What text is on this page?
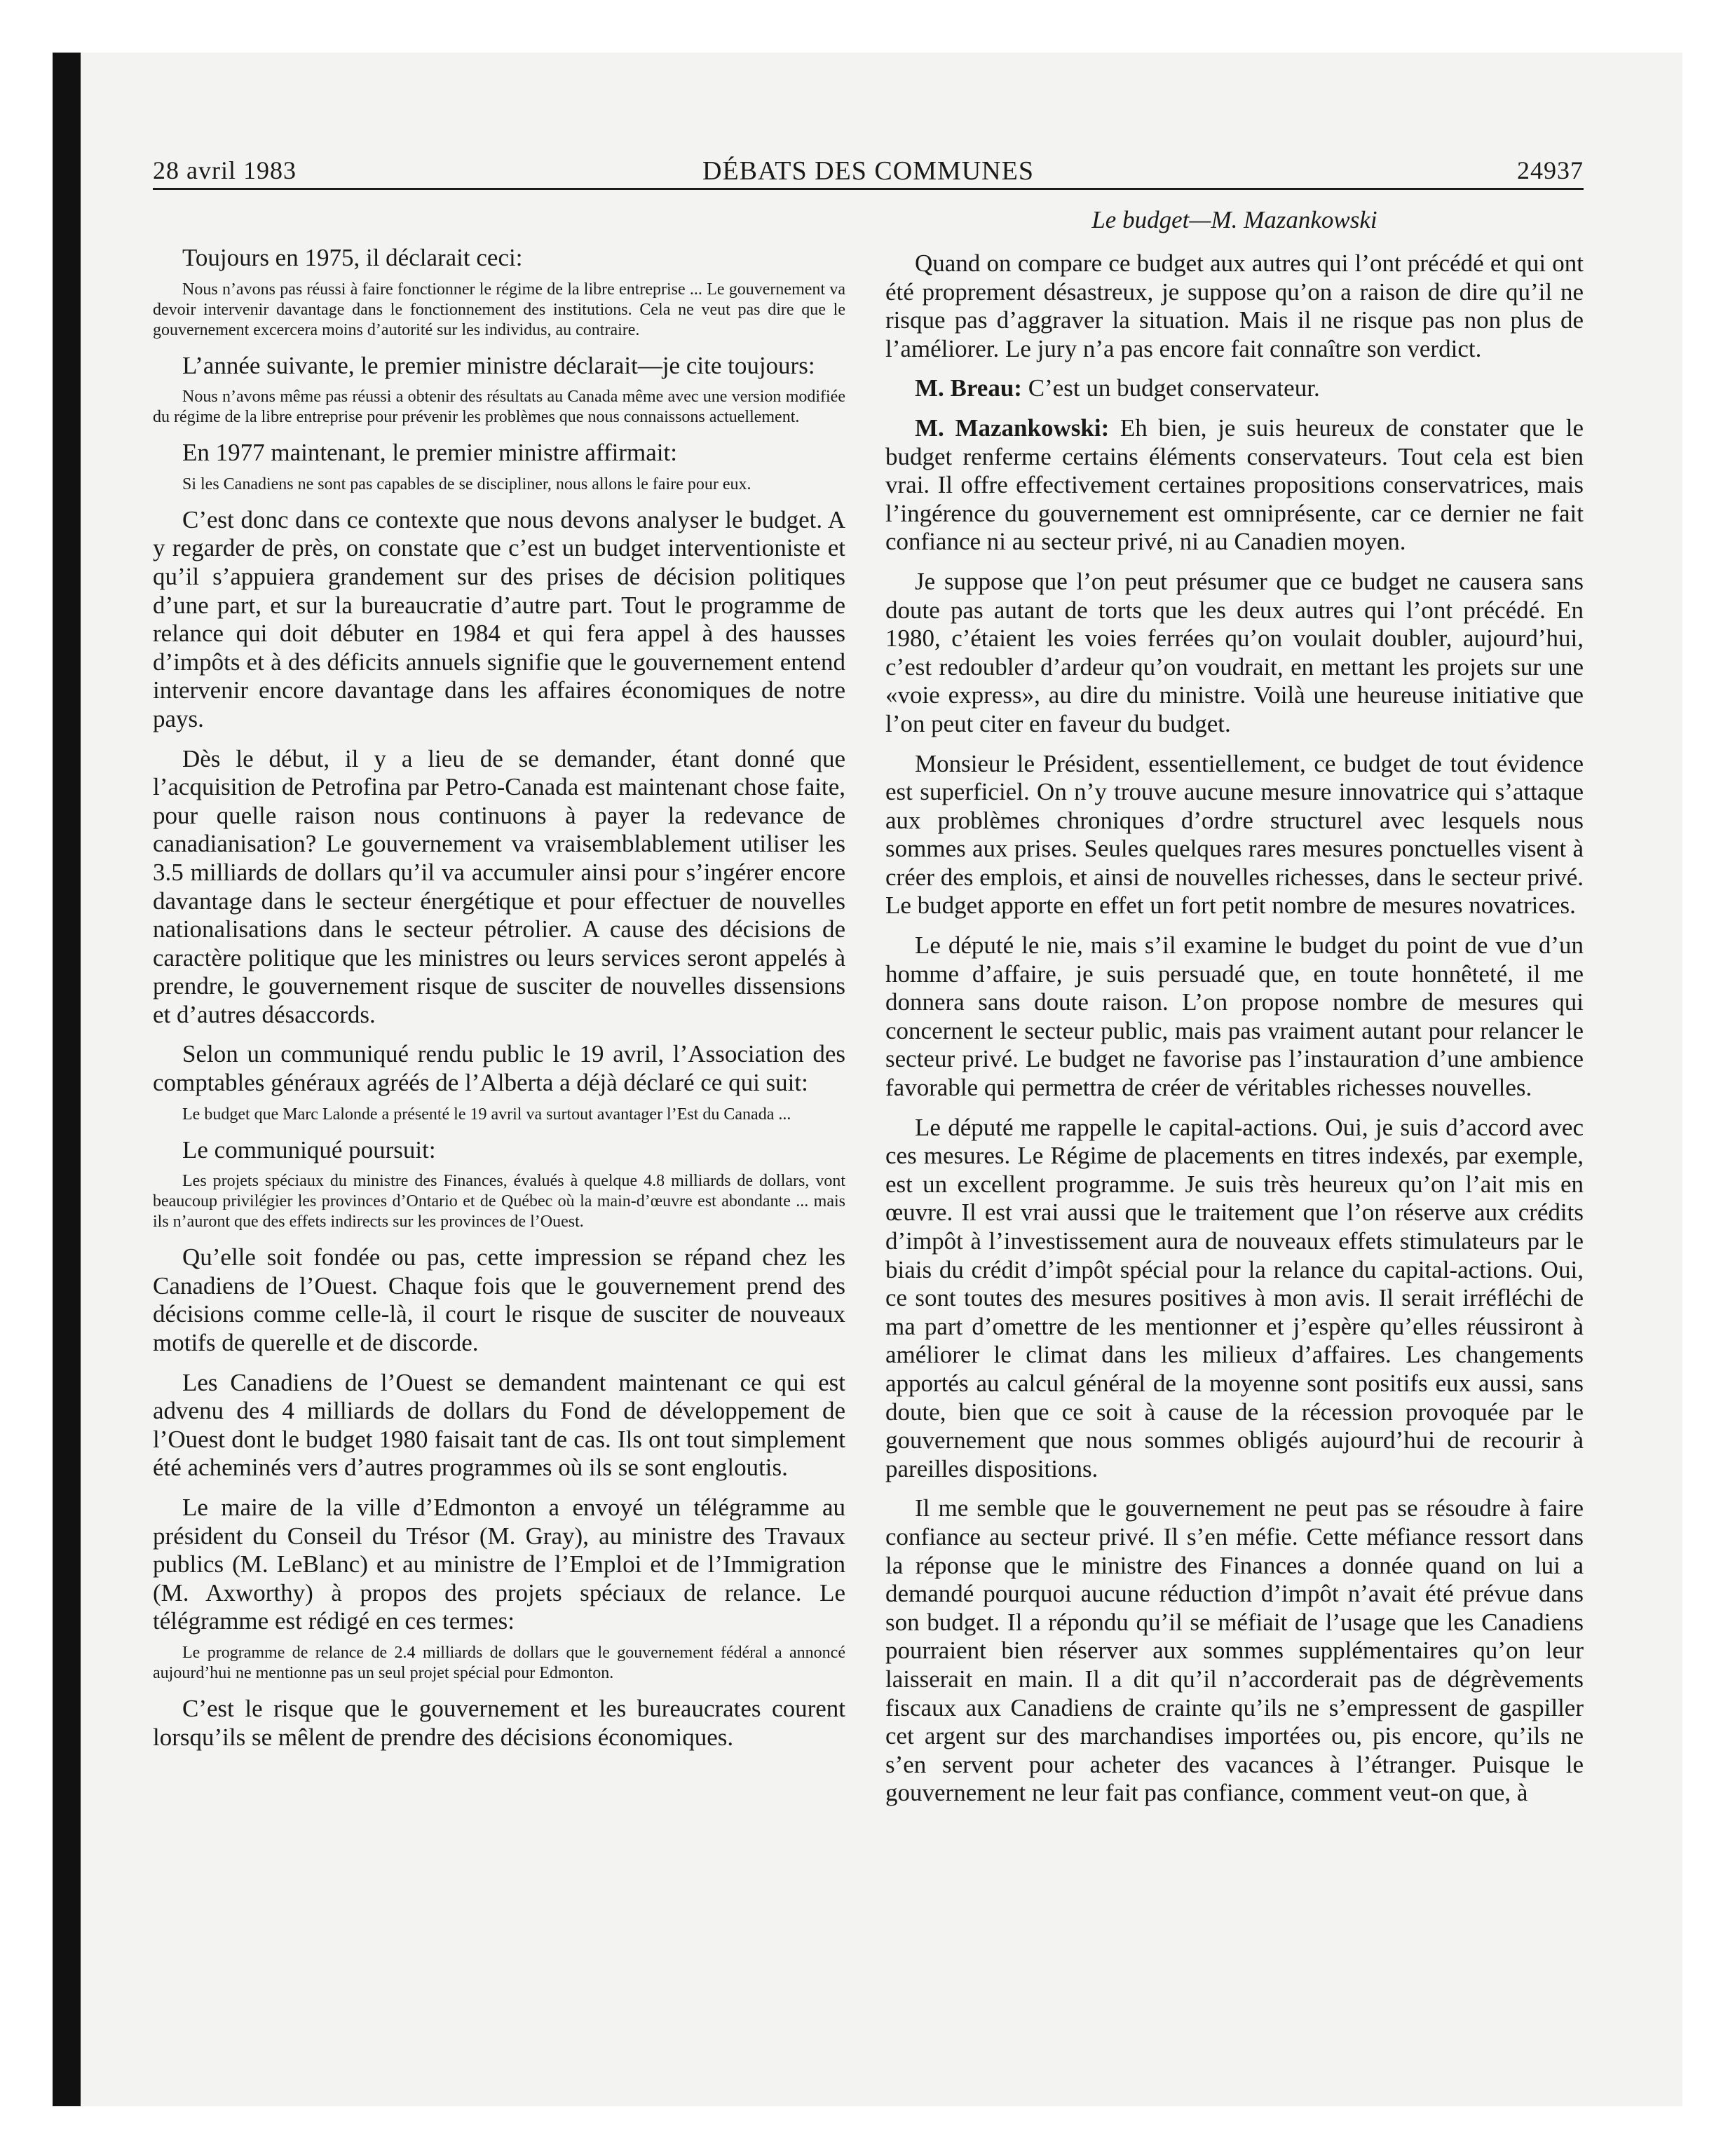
28 avril 1983	DÉBATS DES COMMUNES	24937

Toujours en 1975, il déclarait ceci:

Nous n’avons pas réussi à faire fonctionner le régime de la libre entreprise ... Le gouvernement va devoir intervenir davantage dans le fonctionnement des institutions. Cela ne veut pas dire que le gouvernement excercera moins d’autorité sur les individus, au contraire.

L’année suivante, le premier ministre déclarait—je cite toujours:

Nous n’avons même pas réussi a obtenir des résultats au Canada même avec une version modifiée du régime de la libre entreprise pour prévenir les problèmes que nous connaissons actuellement.

En 1977 maintenant, le premier ministre affirmait:

Si les Canadiens ne sont pas capables de se discipliner, nous allons le faire pour eux.

C’est donc dans ce contexte que nous devons analyser le budget. A y regarder de près, on constate que c’est un budget interventioniste et qu’il s’appuiera grandement sur des prises de décision politiques d’une part, et sur la bureaucratie d’autre part. Tout le programme de relance qui doit débuter en 1984 et qui fera appel à des hausses d’impôts et à des déficits annuels signifie que le gouvernement entend intervenir encore davantage dans les affaires économiques de notre pays.

Dès le début, il y a lieu de se demander, étant donné que l’acquisition de Petrofina par Petro-Canada est maintenant chose faite, pour quelle raison nous continuons à payer la redevance de canadianisation? Le gouvernement va vraisemblablement utiliser les 3.5 milliards de dollars qu’il va accumuler ainsi pour s’ingérer encore davantage dans le secteur énergétique et pour effectuer de nouvelles nationalisations dans le secteur pétrolier. A cause des décisions de caractère politique que les ministres ou leurs services seront appelés à prendre, le gouvernement risque de susciter de nouvelles dissensions et d’autres désaccords.

Selon un communiqué rendu public le 19 avril, l’Association des comptables généraux agréés de l’Alberta a déjà déclaré ce qui suit:

Le budget que Marc Lalonde a présenté le 19 avril va surtout avantager l’Est du Canada ...

Le communiqué poursuit:

Les projets spéciaux du ministre des Finances, évalués à quelque 4.8 milliards de dollars, vont beaucoup privilégier les provinces d’Ontario et de Québec où la main-d’œuvre est abondante ... mais ils n’auront que des effets indirects sur les provinces de l’Ouest.

Qu’elle soit fondée ou pas, cette impression se répand chez les Canadiens de l’Ouest. Chaque fois que le gouvernement prend des décisions comme celle-là, il court le risque de susciter de nouveaux motifs de querelle et de discorde.

Les Canadiens de l’Ouest se demandent maintenant ce qui est advenu des 4 milliards de dollars du Fond de développement de l’Ouest dont le budget 1980 faisait tant de cas. Ils ont tout simplement été acheminés vers d’autres programmes où ils se sont engloutis.

Le maire de la ville d’Edmonton a envoyé un télégramme au président du Conseil du Trésor (M. Gray), au ministre des Travaux publics (M. LeBlanc) et au ministre de l’Emploi et de l’Immigration (M. Axworthy) à propos des projets spéciaux de relance. Le télégramme est rédigé en ces termes:

Le programme de relance de 2.4 milliards de dollars que le gouvernement fédéral a annoncé aujourd’hui ne mentionne pas un seul projet spécial pour Edmonton.

C’est le risque que le gouvernement et les bureaucrates courent lorsqu’ils se mêlent de prendre des décisions économiques.

Le budget—M. Mazankowski

Quand on compare ce budget aux autres qui l’ont précédé et qui ont été proprement désastreux, je suppose qu’on a raison de dire qu’il ne risque pas d’aggraver la situation. Mais il ne risque pas non plus de l’améliorer. Le jury n’a pas encore fait connaître son verdict.

M. Breau: C’est un budget conservateur.

M. Mazankowski: Eh bien, je suis heureux de constater que le budget renferme certains éléments conservateurs. Tout cela est bien vrai. Il offre effectivement certaines propositions conservatrices, mais l’ingérence du gouvernement est omniprésente, car ce dernier ne fait confiance ni au secteur privé, ni au Canadien moyen.

Je suppose que l’on peut présumer que ce budget ne causera sans doute pas autant de torts que les deux autres qui l’ont précédé. En 1980, c’étaient les voies ferrées qu’on voulait doubler, aujourd’hui, c’est redoubler d’ardeur qu’on voudrait, en mettant les projets sur une «voie express», au dire du ministre. Voilà une heureuse initiative que l’on peut citer en faveur du budget.

Monsieur le Président, essentiellement, ce budget de tout évidence est superficiel. On n’y trouve aucune mesure innovatrice qui s’attaque aux problèmes chroniques d’ordre structurel avec lesquels nous sommes aux prises. Seules quelques rares mesures ponctuelles visent à créer des emplois, et ainsi de nouvelles richesses, dans le secteur privé. Le budget apporte en effet un fort petit nombre de mesures novatrices.

Le député le nie, mais s’il examine le budget du point de vue d’un homme d’affaire, je suis persuadé que, en toute honnêteté, il me donnera sans doute raison. L’on propose nombre de mesures qui concernent le secteur public, mais pas vraiment autant pour relancer le secteur privé. Le budget ne favorise pas l’instauration d’une ambience favorable qui permettra de créer de véritables richesses nouvelles.

Le député me rappelle le capital-actions. Oui, je suis d’accord avec ces mesures. Le Régime de placements en titres indexés, par exemple, est un excellent programme. Je suis très heureux qu’on l’ait mis en œuvre. Il est vrai aussi que le traitement que l’on réserve aux crédits d’impôt à l’investissement aura de nouveaux effets stimulateurs par le biais du crédit d’impôt spécial pour la relance du capital-actions. Oui, ce sont toutes des mesures positives à mon avis. Il serait irréfléchi de ma part d’omettre de les mentionner et j’espère qu’elles réussiront à améliorer le climat dans les milieux d’affaires. Les changements apportés au calcul général de la moyenne sont positifs eux aussi, sans doute, bien que ce soit à cause de la récession provoquée par le gouvernement que nous sommes obligés aujourd’hui de recourir à pareilles dispositions.

Il me semble que le gouvernement ne peut pas se résoudre à faire confiance au secteur privé. Il s’en méfie. Cette méfiance ressort dans la réponse que le ministre des Finances a donnée quand on lui a demandé pourquoi aucune réduction d’impôt n’avait été prévue dans son budget. Il a répondu qu’il se méfiait de l’usage que les Canadiens pourraient bien réserver aux sommes supplémentaires qu’on leur laisserait en main. Il a dit qu’il n’accorderait pas de dégrèvements fiscaux aux Canadiens de crainte qu’ils ne s’empressent de gaspiller cet argent sur des marchandises importées ou, pis encore, qu’ils ne s’en servent pour acheter des vacances à l’étranger. Puisque le gouvernement ne leur fait pas confiance, comment veut-on que, à
